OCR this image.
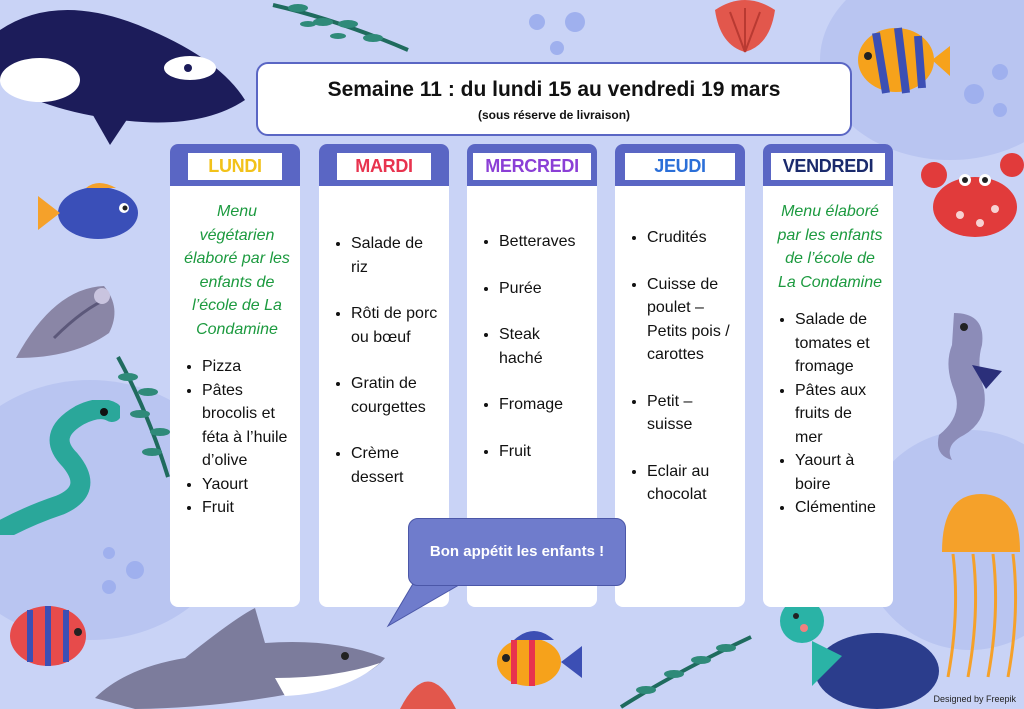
Semaine 11 : du lundi 15 au vendredi 19 mars
(sous réserve de livraison)
LUNDI
Menu végétarien élaboré par les enfants de l’école de La Condamine
• Pizza
• Pâtes brocolis et féta à l’huile d’olive
• Yaourt
• Fruit
MARDI
• Salade de riz
• Rôti de porc ou bœuf
• Gratin de courgettes
• Crème dessert
MERCREDI
• Betteraves
• Purée
• Steak haché
• Fromage
• Fruit
JEUDI
• Crudités
• Cuisse de poulet – Petits pois / carottes
• Petit – suisse
• Eclair au chocolat
VENDREDI
Menu élaboré par les enfants de l’école de La Condamine
• Salade de tomates et fromage
• Pâtes aux fruits de mer
• Yaourt à boire
• Clémentine
Bon appétit les enfants !
Designed by Freepik
